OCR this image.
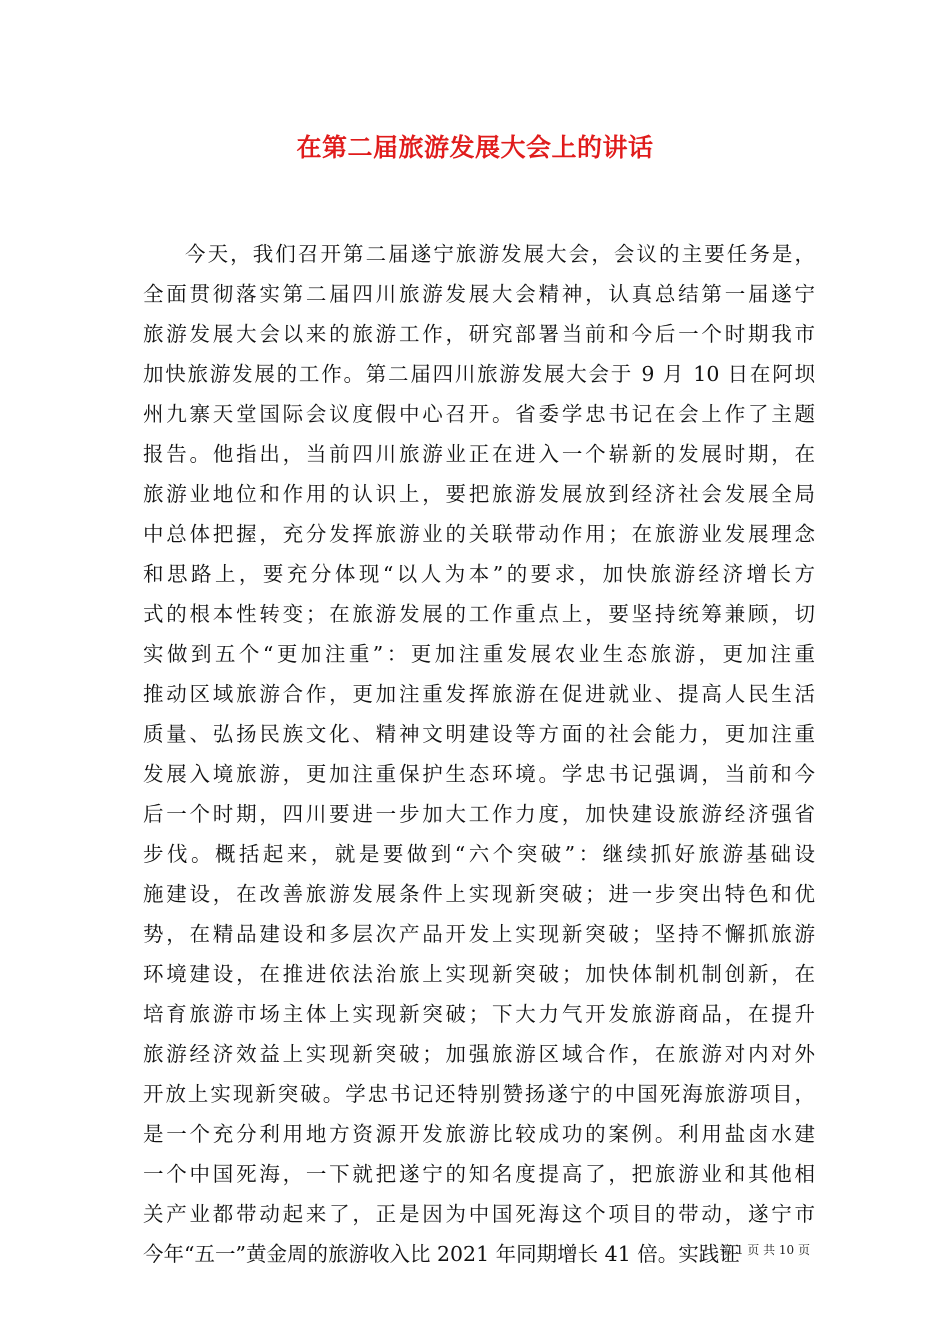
在第二届旅游发展大会上的讲话
今天，我们召开第二届遂宁旅游发展大会，会议的主要任务是，
全面贯彻落实第二届四川旅游发展大会精神，认真总结第一届遂宁
旅游发展大会以来的旅游工作，研究部署当前和今后一个时期我市
加快旅游发展的工作。第二届四川旅游发展大会于 9 月 10 日在阿坝
州九寨天堂国际会议度假中心召开。省委学忠书记在会上作了主题
报告。他指出，当前四川旅游业正在进入一个崭新的发展时期，在
旅游业地位和作用的认识上，要把旅游发展放到经济社会发展全局
中总体把握，充分发挥旅游业的关联带动作用；在旅游业发展理念
和思路上，要充分体现“以人为本”的要求，加快旅游经济增长方
式的根本性转变；在旅游发展的工作重点上，要坚持统筹兼顾，切
实做到五个“更加注重”：更加注重发展农业生态旅游，更加注重
推动区域旅游合作，更加注重发挥旅游在促进就业、提高人民生活
质量、弘扬民族文化、精神文明建设等方面的社会能力，更加注重
发展入境旅游，更加注重保护生态环境。学忠书记强调，当前和今
后一个时期，四川要进一步加大工作力度，加快建设旅游经济强省
步伐。概括起来，就是要做到“六个突破”：继续抓好旅游基础设
施建设，在改善旅游发展条件上实现新突破；进一步突出特色和优
势，在精品建设和多层次产品开发上实现新突破；坚持不懈抓旅游
环境建设，在推进依法治旅上实现新突破；加快体制机制创新，在
培育旅游市场主体上实现新突破；下大力气开发旅游商品，在提升
旅游经济效益上实现新突破；加强旅游区域合作，在旅游对内对外
开放上实现新突破。学忠书记还特别赞扬遂宁的中国死海旅游项目，
是一个充分利用地方资源开发旅游比较成功的案例。利用盐卤水建
一个中国死海，一下就把遂宁的知名度提高了，把旅游业和其他相
关产业都带动起来了，正是因为中国死海这个项目的带动，遂宁市
今年“五一”黄金周的旅游收入比 2021 年同期增长 41 倍。实践证
第 1 页 共 10 页
